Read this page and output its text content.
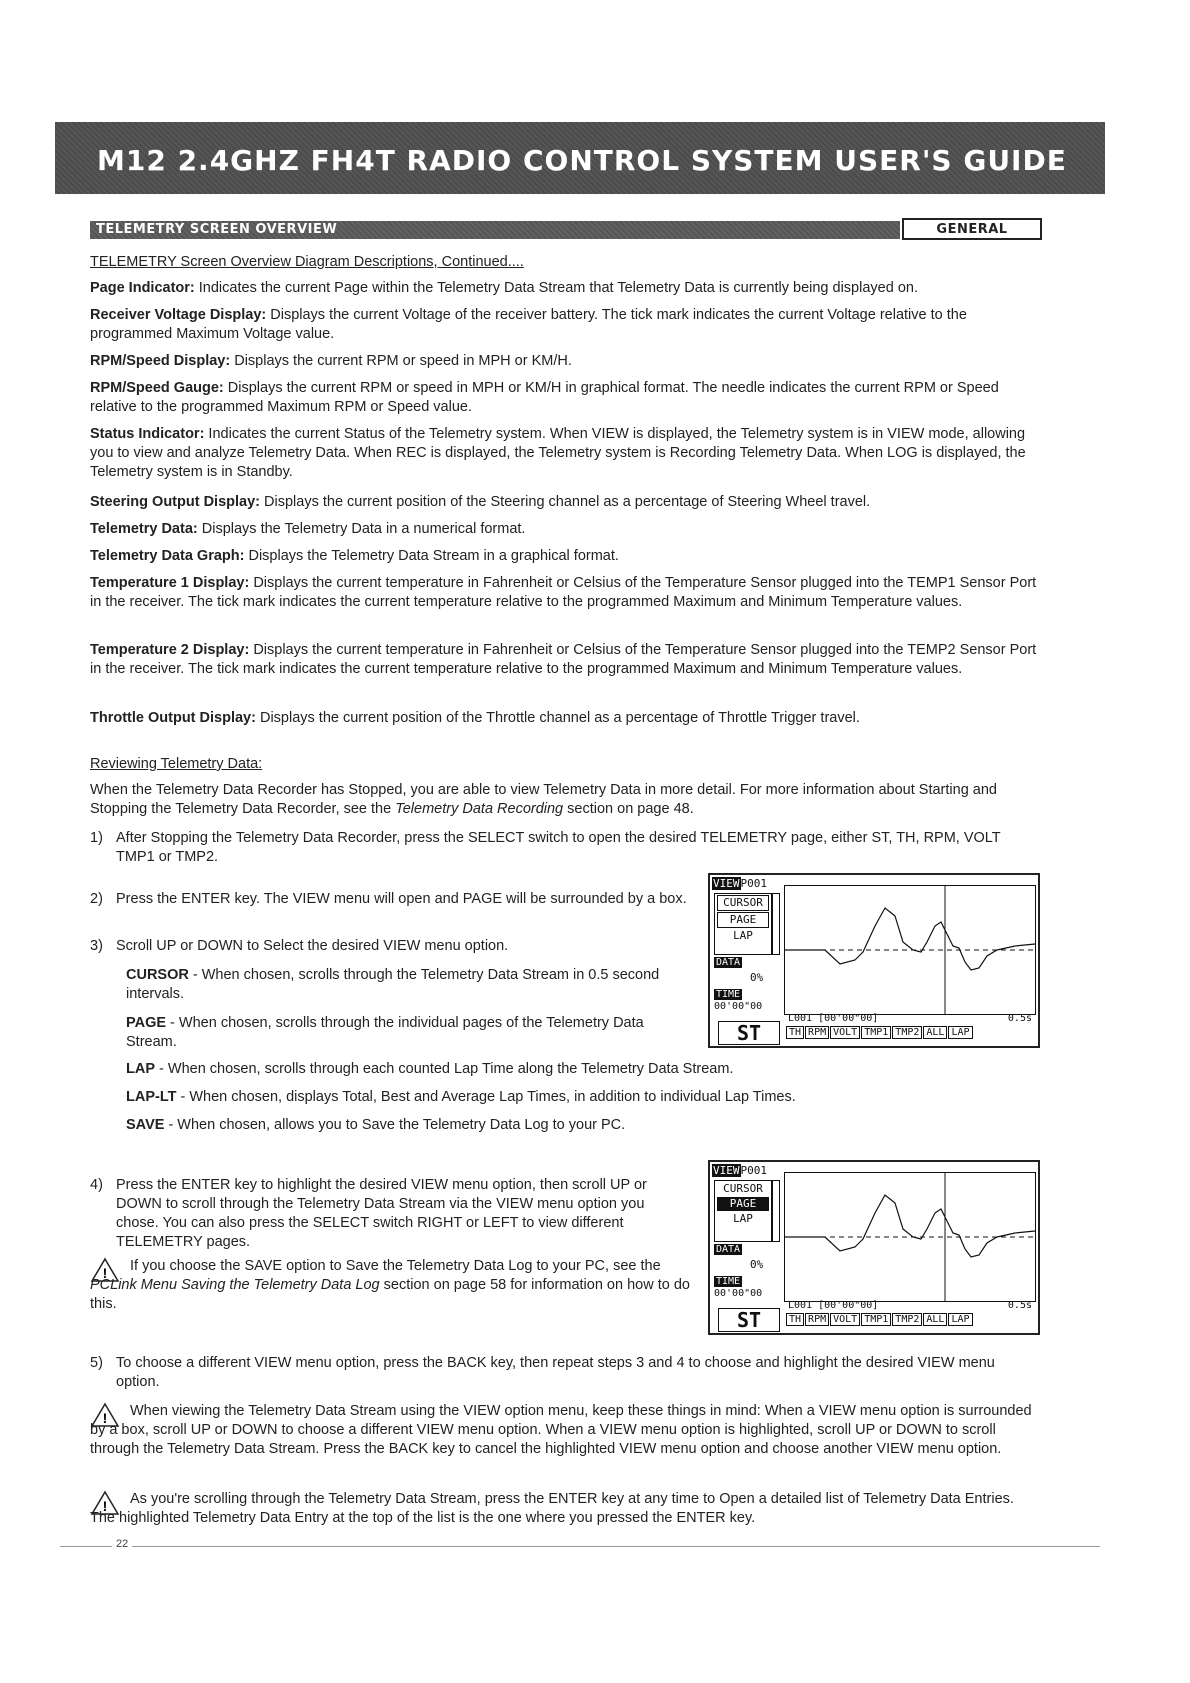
M12 2.4GHZ FH4T RADIO CONTROL SYSTEM USER'S GUIDE
TELEMETRY SCREEN OVERVIEW	GENERAL
TELEMETRY Screen Overview Diagram Descriptions, Continued....
Page Indicator: Indicates the current Page within the Telemetry Data Stream that Telemetry Data is currently being displayed on.
Receiver Voltage Display: Displays the current Voltage of the receiver battery. The tick mark indicates the current Voltage relative to the programmed Maximum Voltage value.
RPM/Speed Display: Displays the current RPM or speed in MPH or KM/H.
RPM/Speed Gauge: Displays the current RPM or speed in MPH or KM/H in graphical format. The needle indicates the current RPM or Speed relative to the programmed Maximum RPM or Speed value.
Status Indicator: Indicates the current Status of the Telemetry system. When VIEW is displayed, the Telemetry system is in VIEW mode, allowing you to view and analyze Telemetry Data. When REC is displayed, the Telemetry system is Recording Telemetry Data. When LOG is displayed, the Telemetry system is in Standby.
Steering Output Display: Displays the current position of the Steering channel as a percentage of Steering Wheel travel.
Telemetry Data: Displays the Telemetry Data in a numerical format.
Telemetry Data Graph: Displays the Telemetry Data Stream in a graphical format.
Temperature 1 Display: Displays the current temperature in Fahrenheit or Celsius of the Temperature Sensor plugged into the TEMP1 Sensor Port in the receiver. The tick mark indicates the current temperature relative to the programmed Maximum and Minimum Temperature values.
Temperature 2 Display: Displays the current temperature in Fahrenheit or Celsius of the Temperature Sensor plugged into the TEMP2 Sensor Port in the receiver. The tick mark indicates the current temperature relative to the programmed Maximum and Minimum Temperature values.
Throttle Output Display: Displays the current position of the Throttle channel as a percentage of Throttle Trigger travel.
Reviewing Telemetry Data:
When the Telemetry Data Recorder has Stopped, you are able to view Telemetry Data in more detail. For more information about Starting and Stopping the Telemetry Data Recorder, see the Telemetry Data Recording section on page 48.
1) After Stopping the Telemetry Data Recorder, press the SELECT switch to open the desired TELEMETRY page, either ST, TH, RPM, VOLT TMP1 or TMP2.
2) Press the ENTER key. The VIEW menu will open and PAGE will be surrounded by a box.
3) Scroll UP or DOWN to Select the desired VIEW menu option.
CURSOR - When chosen, scrolls through the Telemetry Data Stream in 0.5 second intervals.
PAGE - When chosen, scrolls through the individual pages of the Telemetry Data Stream.
LAP - When chosen, scrolls through each counted Lap Time along the Telemetry Data Stream.
LAP-LT - When chosen, displays Total, Best and Average Lap Times, in addition to individual Lap Times.
SAVE - When chosen, allows you to Save the Telemetry Data Log to your PC.
4) Press the ENTER key to highlight the desired VIEW menu option, then scroll UP or DOWN to scroll through the Telemetry Data Stream via the VIEW menu option you chose. You can also press the SELECT switch RIGHT or LEFT to view different TELEMETRY pages.
!	If you choose the SAVE option to Save the Telemetry Data Log to your PC, see the PCLink Menu Saving the Telemetry Data Log section on page 58 for information on how to do this.
5) To choose a different VIEW menu option, press the BACK key, then repeat steps 3 and 4 to choose and highlight the desired VIEW menu option.
!	When viewing the Telemetry Data Stream using the VIEW option menu, keep these things in mind: When a VIEW menu option is surrounded by a box, scroll UP or DOWN to choose a different VIEW menu option. When a VIEW menu option is highlighted, scroll UP or DOWN to scroll through the Telemetry Data Stream. Press the BACK key to cancel the highlighted VIEW menu option and choose another VIEW menu option.
!	As you're scrolling through the Telemetry Data Stream, press the ENTER key at any time to Open a detailed list of Telemetry Data Entries. The highlighted Telemetry Data Entry at the top of the list is the one where you pressed the ENTER key.
VIEWP001
CURSOR
PAGE
LAP
DATA
0%
TIME
00'00"00
L001 [00'00"00]	0.5s
ST	TH RPM VOLT TMP1 TMP2 ALL LAP
VIEWP001
CURSOR
PAGE
LAP
DATA
0%
TIME
00'00"00
L001 [00'00"00]	0.5s
ST	TH RPM VOLT TMP1 TMP2 ALL LAP
22
